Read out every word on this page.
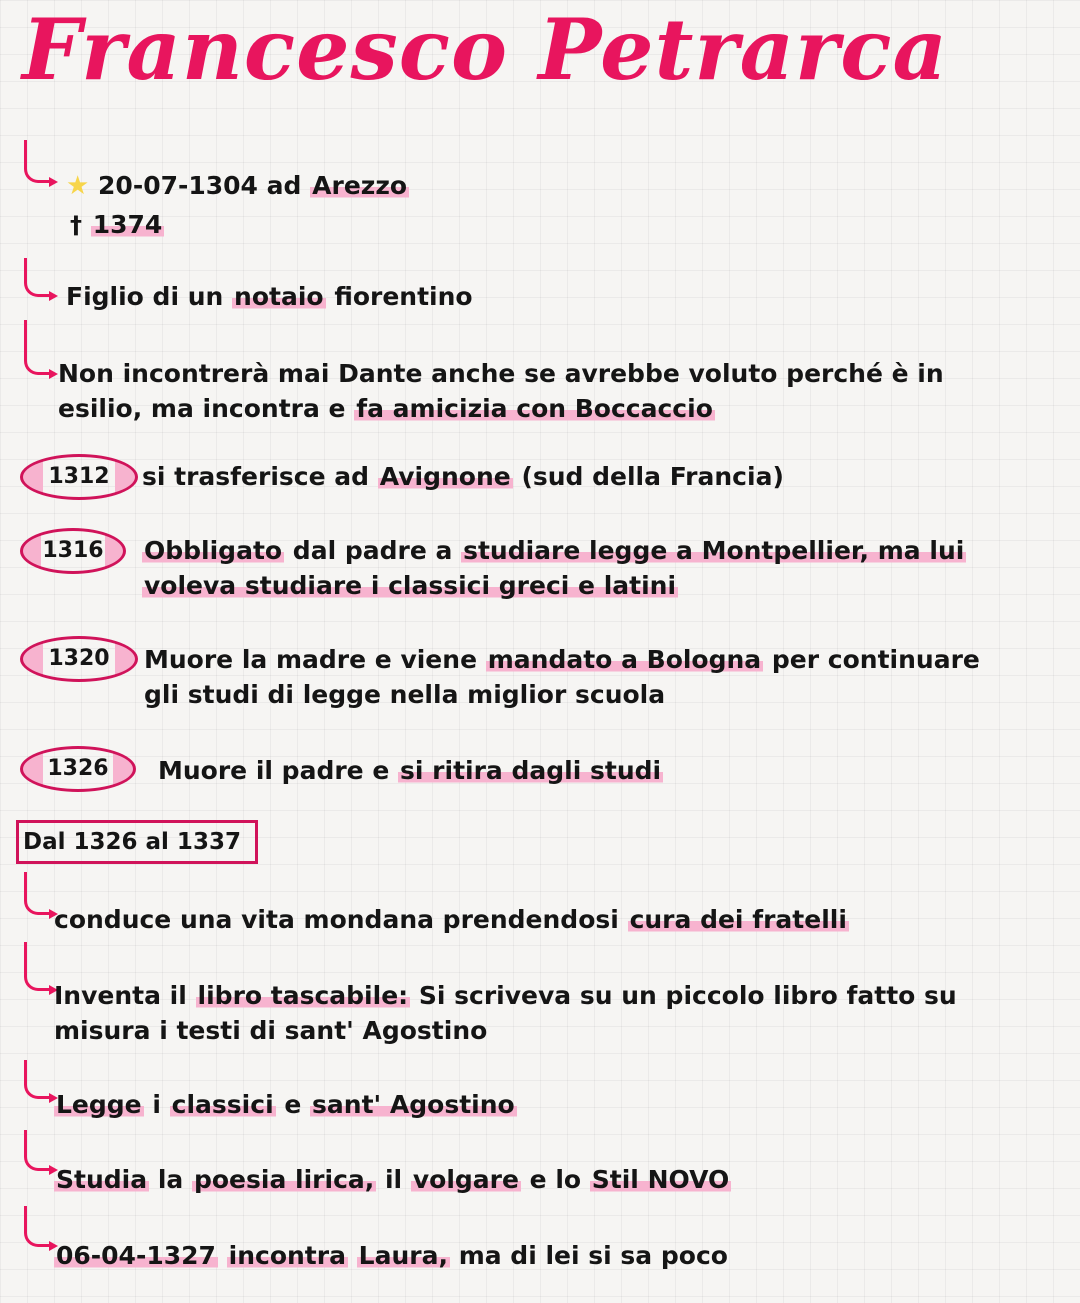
Francesco Petrarca
★ 20-07-1304 ad Arezzo
† 1374
Figlio di un notaio fiorentino
Non incontrerà mai Dante anche se avrebbe voluto perché è in
esilio, ma incontra e fa amicizia con Boccaccio
1312	si trasferisce ad Avignone (sud della Francia)
1316	Obbligato dal padre a studiare legge a Montpellier, ma lui
voleva studiare i classici greci e latini
1320	Muore la madre e viene mandato a Bologna per continuare
gli studi di legge nella miglior scuola
1326	Muore il padre e si ritira dagli studi
Dal 1326 al 1337
conduce una vita mondana prendendosi cura dei fratelli
Inventa il libro tascabile: Si scriveva su un piccolo libro fatto su
misura i testi di sant' Agostino
Legge i classici e sant' Agostino
Studia la poesia lirica, il volgare e lo Stil NOVO
06-04-1327 incontra Laura, ma di lei si sa poco
